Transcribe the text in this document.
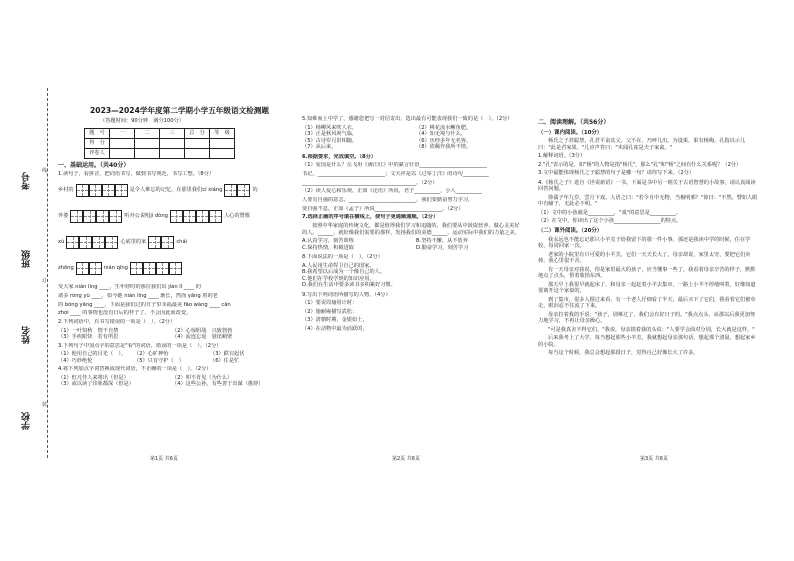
考号
班级
姓名
学校
线
订
装
2023—2024学年度第二学期小学五年级语文检测题
（答题时间：90分钟　满分100分）
题　号	一	二	三	总　分	等　级
得　分					
评卷人					
一、基础运用。（共40分）
1.读句子，看拼音，把词语书写，做到书写规范，书写工整。（8分）
乡村的	是令人难忘的记忆，在那里我们 cí xiáng	的
外婆	听外公说唱 jì dòng	人心的赞歌
xù	心底里的家	chái
zhōng	nián qīng
受大家 nián líng ____，生年轻时的那位我们出 jiàn lǐ ____ 的
诸多 róng yù ____，如今她 nián líng ____ 渐长，然而 yǎng 着的老
的 bǒng yāng ____，下面是我们过的日子里幸福最美 fāo wàng ____ cǎn
zhòi ____ 的事情也没有日后的样子了，不会因此而改变。
2.下列词语中，有书写错误的一项是（　）。（2分）
（1）一叶知秋　情不自禁	（2）心惊胆战　兴致勃勃
（3）手疾眼快　若有所思	（4）流连忘返　悬崖峭壁
3.下列句子中加点字的意思是"看"的词语，错误的一项是（　）。（2分）
（1）他用自己的目光（　）。	（2）心旷神怡	（3）跌宕起伏
（4）巧妙绝伦	（5）只有守护（　）	（6）任是忙
4.将下列加点字词替换成现代词语，不正确的一项是（　）。（2分）
（1）但凡佳人来将出（但是）	（2）叩不肯见（为什么）
（3）或以读了印象都深（但是）	（4）这些公孙，有些善于出谋（推辞）
5.知难而上中学了，感谢您把写一封信寄出，选出最有可能表现我们一致的是（　）。（2分）
（1）杨柳风来吹人衣，	（2）桃花流水鳜鱼肥。
（3）正是秋风爽气临，	（4）知无境与什么，
（5）古诗岁月旧相随，	（6）历经多年无名客。
（7）从后来，	（8）依稀作我所不情。
6.根据要求，完成填空。（8分）
（1）爱国是什么？岳飞用《满江红》中的豪言壮语__________________________
书记，__________________________；文天祥是以《过零丁洋》的诗句__________
____________________________________________。（2分）
（2）读人爱心和乐观，正如《论语》所说，君子__________，小人__________
人要有自强的意志，__________________________，我们要勤奋努力学习，
要自强不息。正如《孟子》所说__________________________。（2分）
7.选择正确的序号填在横线上，使句子更通顺通顺。（2分）
按照中华家庭的传统文化，都是值得我们学习和追随的，我们要从中汲取营养，做心灵美好的人。______，就好像我们需要的那样，发扬我们的美德______，运动实际中我们的力量之美。
A.认真学习，刻苦训练	B.坚持不懈，从不放弃
C.保持热情，积极进取	D.勤奋学习，刻苦学习
8.下面说法的一项是（　）。（2分）
A.人民用生命捍卫自己的国家。
B.我希望以后成为一个像自己的人。
C.他们在学校学到的知识应用。
D.我们在生活中要多读书多积累好习惯。
9.写出下列词语所描写的人物。（4分）
（1）要说周瑜用计时：
（2）施耐庵描写武松：
（3）清朝时期，金银如土，
（4）在动物中最为活跃的，
二、阅读理解。（共56分）
（一）课内阅读。（10分）
杨氏之子甚聪慧。孔君平诣其父，父不在，乃呼儿出。为设果，果有杨梅。孔指以示儿曰："此是君家果。"儿应声答曰："未闻孔雀是夫子家禽。"
1.解释词语。（3分）
2."孔"表示的是，如"杨"的人物是指"杨氏"，那么"孔"和"杨"之间有什么关系呢？（2分）
3.文中最能体现杨氏之子聪慧的句子是哪一句？请你写下来。（2分）
4.《杨氏之子》选自《世说新语》一书。下面是书中另一则关于古语智慧的小故事，请认真阅读回答问题。
徐孺子年九岁，尝月下戏。人语之曰："若令月中无物，当极明邪？"徐曰："不然。譬如人眼中有瞳子，无此必不明。"
（1）文中的小孩就是__________，"戏"的意思是__________。
（2）在文中，你读出了这个小孩__________________的特点。
（二）课外阅读。（20分）

我永远也不能忘记那只小羊羔子给我留下的那一件小事。那还是我读中学的时候，住在学校，每周回家一次。

老家的小院里有只可爱的小羊羔，它们一天天长大了，母亲却说，家里太穷，要把它们卖掉，我心里很不舍。

有一天母亲对我说，你是家里最大的孩子，应当懂事一些了。我看着母亲辛苦的样子，默默地点了点头，帮着收拾东西。

那天早上我很早就起床了，和母亲一起赶着小羊去集市，一路上小羊不停地叫着，好像知道要离开这个家似的。

到了集市，很多人围过来看，有一个老人仔细看了半天，最后买下了它们，我看着它们被牵走，眼泪忍不住流了下来。

母亲拉着我的手说："孩子，别难过了，我们会有好日子的。"我点点头，从那以后我更加努力地学习，不再让母亲操心。

"可是我真舍不得它们。"我说。母亲摸着我的头说："人要学会面对分别，长大就是这样。"

后来我考上了大学，每当想起那些小羊羔，我就想起母亲那句话，想起那个清晨，想起家乡的小院。

每当这个时候，我总会想起那段日子，觉得自己好像长大了许多。

第1页 共6页	第2页 共6页	第3页 共6页
